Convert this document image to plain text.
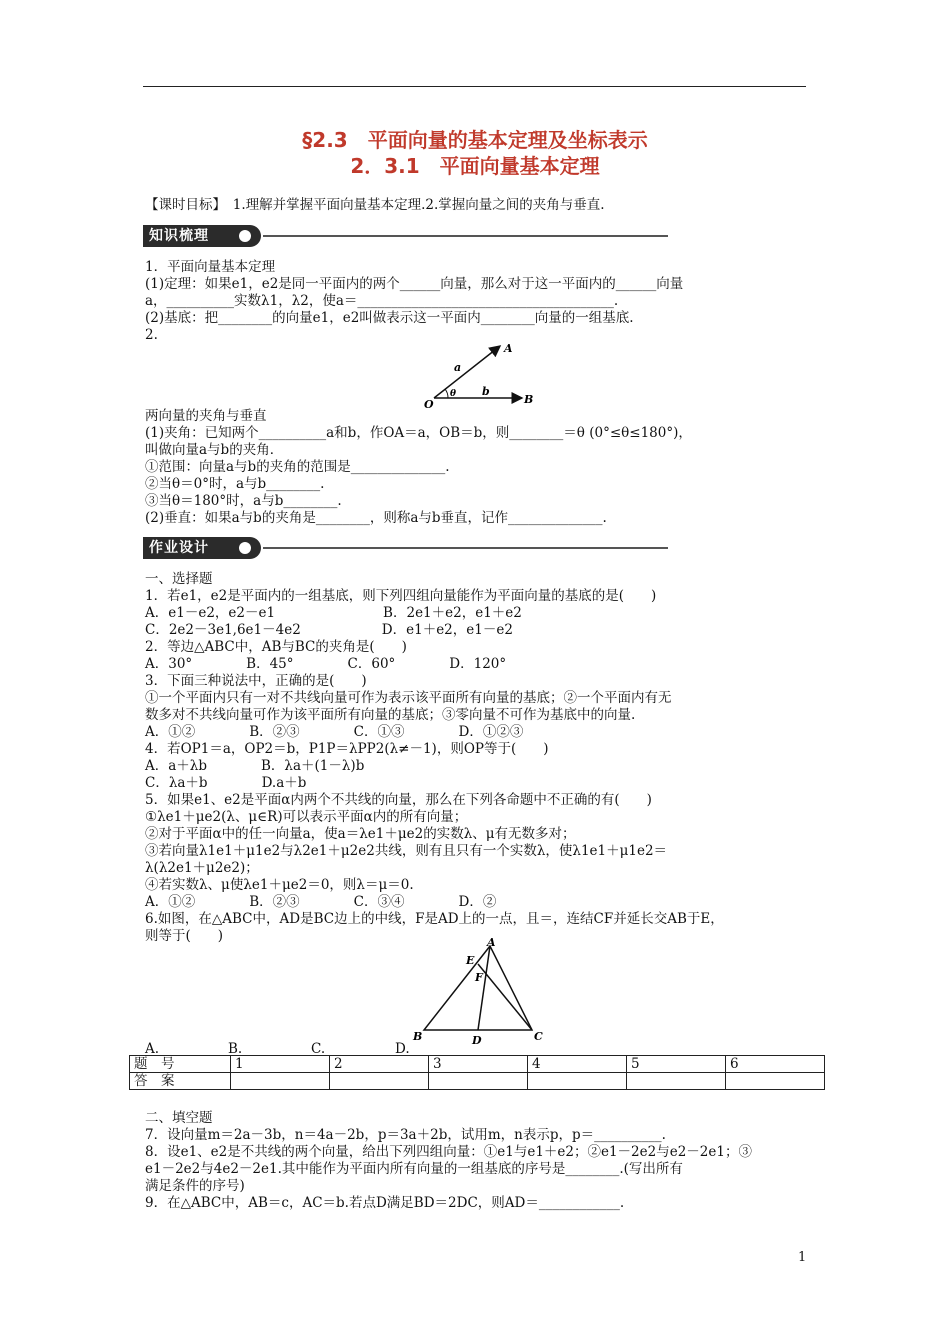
§2.3　平面向量的基本定理及坐标表示
2．3.1　平面向量基本定理
【课时目标】　1.理解并掌握平面向量基本定理.2.掌握向量之间的夹角与垂直.
知识梳理
1．平面向量基本定理
(1)定理：如果e1，e2是同一平面内的两个______向量，那么对于这一平面内的______向量
a，__________实数λ1，λ2，使a＝______________________________________.
(2)基底：把________的向量e1，e2叫做表示这一平面内________向量的一组基底.
2.
a
b
A
B
O
θ
两向量的夹角与垂直
(1)夹角：已知两个__________a和b，作OA＝a，OB＝b，则________＝θ (0°≤θ≤180°)，
叫做向量a与b的夹角．
①范围：向量a与b的夹角的范围是______________.
②当θ＝0°时，a与b________.
③当θ＝180°时，a与b________.
(2)垂直：如果a与b的夹角是________，则称a与b垂直，记作______________.
作业设计
一、选择题
1．若e1，e2是平面内的一组基底，则下列四组向量能作为平面向量的基底的是(　　)
A．e1－e2，e2－e1　　　　　　　　B．2e1＋e2，e1＋e2
C．2e2－3e1,6e1－4e2　　　　　　D．e1＋e2，e1－e2
2．等边△ABC中，AB与BC的夹角是(　　)
A．30°　　　　B．45°　　　　C．60°　　　　D．120°
3．下面三种说法中，正确的是(　　)
①一个平面内只有一对不共线向量可作为表示该平面所有向量的基底；②一个平面内有无
数多对不共线向量可作为该平面所有向量的基底；③零向量不可作为基底中的向量.
A．①②　　　　B．②③　　　　C．①③　　　　D．①②③
4．若OP1＝a，OP2＝b，P1P＝λPP2(λ≠－1)，则OP等于(　　)
A．a＋λb　　　　B．λa＋(1－λ)b
C．λa＋b　　　　D.a＋b
5．如果e1、e2是平面α内两个不共线的向量，那么在下列各命题中不正确的有(　　)
①λe1＋μe2(λ、μ∈R)可以表示平面α内的所有向量；
②对于平面α中的任一向量a，使a＝λe1＋μe2的实数λ、μ有无数多对；
③若向量λ1e1＋μ1e2与λ2e1＋μ2e2共线，则有且只有一个实数λ，使λ1e1＋μ1e2＝
λ(λ2e1＋μ2e2)；
④若实数λ、μ使λe1＋μe2＝0，则λ＝μ＝0.
A．①②　　　　B．②③　　　　C．③④　　　　D．②
6.如图，在△ABC中，AD是BC边上的中线，F是AD上的一点，且＝，连结CF并延长交AB于E，
则等于(　　)	A
B	C
D
E
F
A.	B.	C.	D.
题　号	1	2	3	4	5	6
答　案						
二、填空题
7．设向量m＝2a－3b，n＝4a－2b，p＝3a＋2b，试用m，n表示p，p＝__________.
8．设e1、e2是不共线的两个向量，给出下列四组向量：①e1与e1＋e2；②e1－2e2与e2－2e1；③
e1－2e2与4e2－2e1.其中能作为平面内所有向量的一组基底的序号是________.(写出所有
满足条件的序号)
9．在△ABC中，AB＝c，AC＝b.若点D满足BD＝2DC，则AD＝____________.
1
